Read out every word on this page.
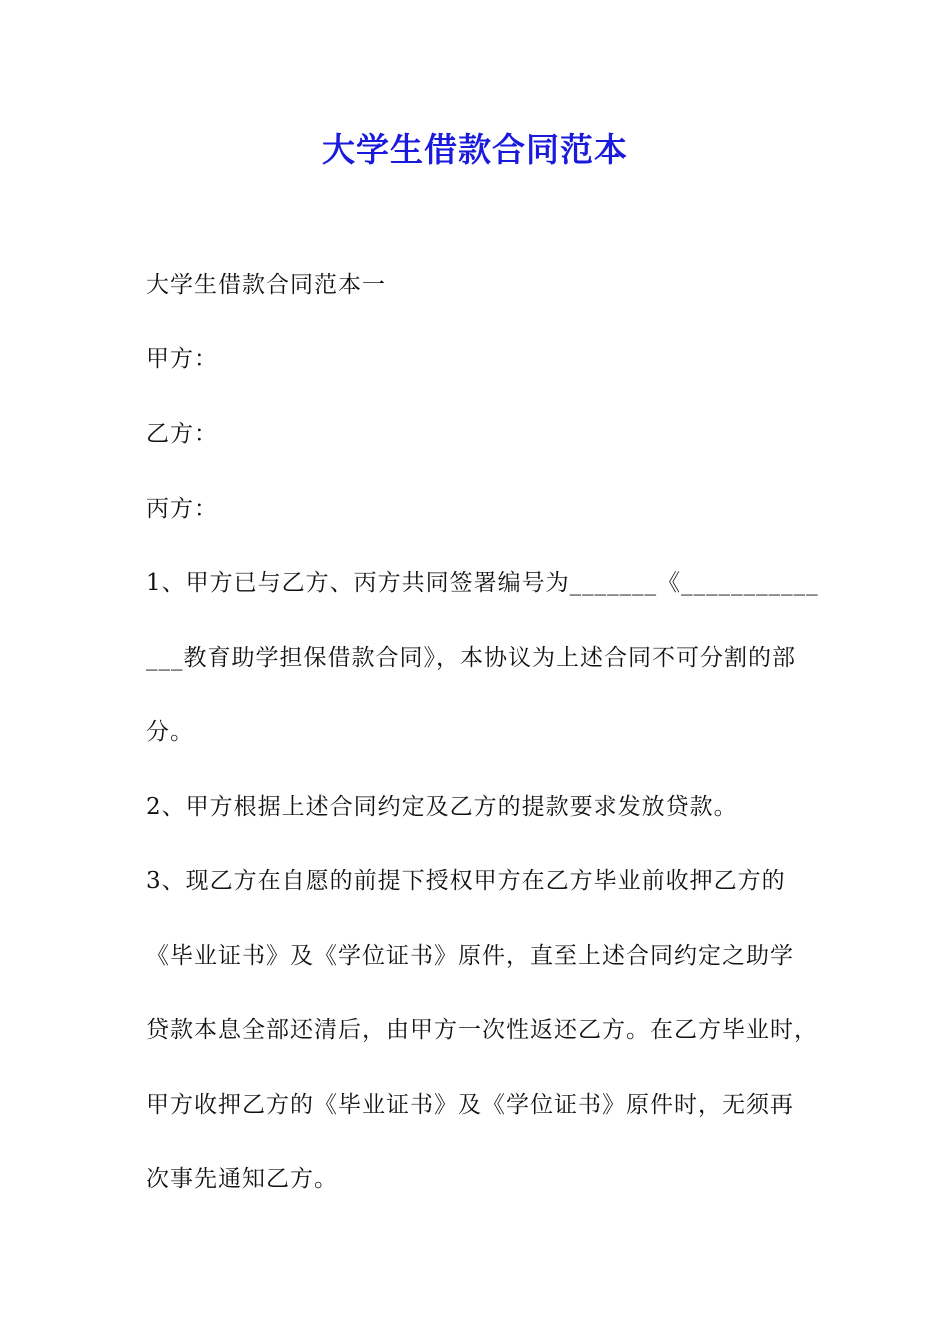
大学生借款合同范本

大学生借款合同范本一

甲方：

乙方：

丙方：

1、甲方已与乙方、丙方共同签署编号为_______《___________

___教育助学担保借款合同》，本协议为上述合同不可分割的部

分。

2、甲方根据上述合同约定及乙方的提款要求发放贷款。

3、现乙方在自愿的前提下授权甲方在乙方毕业前收押乙方的

《毕业证书》及《学位证书》原件，直至上述合同约定之助学

贷款本息全部还清后，由甲方一次性返还乙方。在乙方毕业时，

甲方收押乙方的《毕业证书》及《学位证书》原件时，无须再

次事先通知乙方。
